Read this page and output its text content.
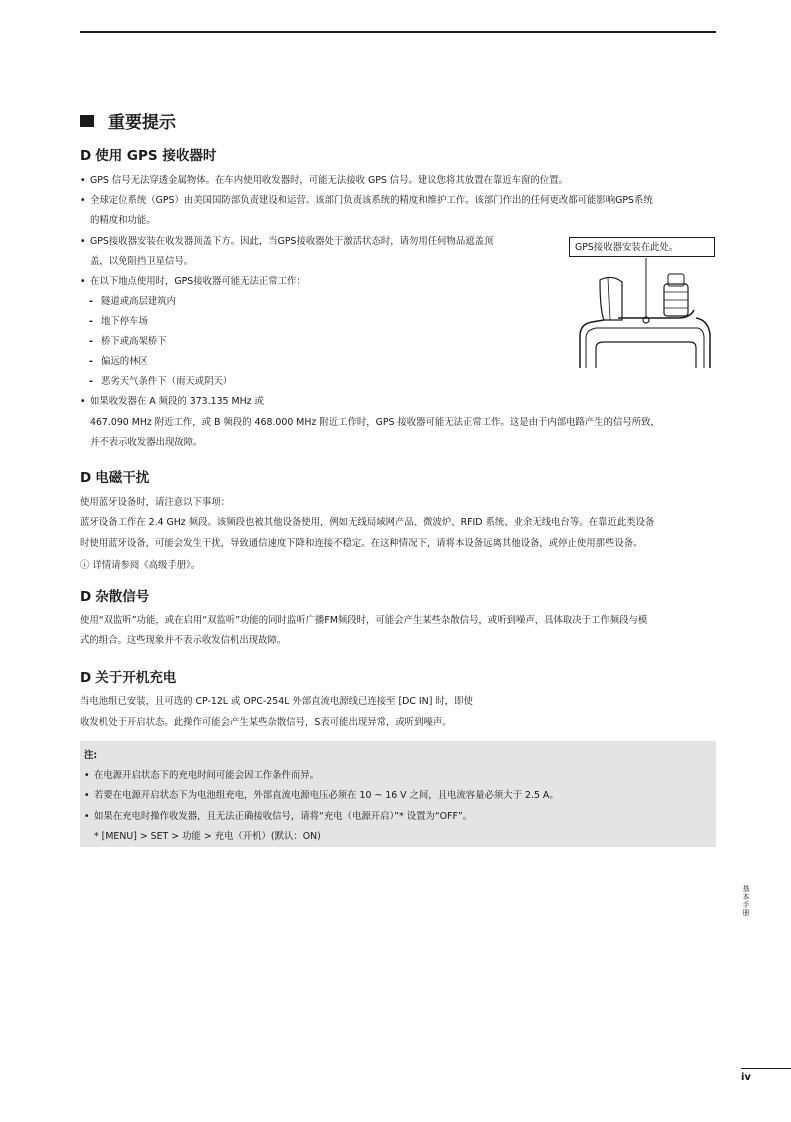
重要提示
D 使用 GPS 接收器时
• GPS 信号无法穿透金属物体。在车内使用收发器时，可能无法接收 GPS 信号。建议您将其放置在靠近车窗的位置。
• 全球定位系统（GPS）由美国国防部负责建设和运营。该部门负责该系统的精度和维护工作。该部门作出的任何更改都可能影响GPS系统
的精度和功能。
• GPS接收器安装在收发器顶盖下方。因此，当GPS接收器处于激活状态时，请勿用任何物品遮盖顶
盖，以免阻挡卫星信号。
GPS接收器安装在此处。
• 在以下地点使用时，GPS接收器可能无法正常工作：
- 隧道或高层建筑内
- 地下停车场
- 桥下或高架桥下
- 偏远的林区
- 恶劣天气条件下（雨天或阴天）
• 如果收发器在 A 频段的 373.135 MHz 或
467.090 MHz 附近工作，或 B 频段的 468.000 MHz 附近工作时，GPS 接收器可能无法正常工作。这是由于内部电路产生的信号所致，
并不表示收发器出现故障。
D 电磁干扰
使用蓝牙设备时，请注意以下事项：
蓝牙设备工作在 2.4 GHz 频段。该频段也被其他设备使用，例如无线局域网产品、微波炉、RFID 系统、业余无线电台等。在靠近此类设备
时使用蓝牙设备，可能会发生干扰，导致通信速度下降和连接不稳定。在这种情况下，请将本设备远离其他设备，或停止使用那些设备。
ⓘ 详情请参阅《高级手册》。
D 杂散信号
使用“双监听”功能，或在启用“双监听”功能的同时监听广播FM频段时，可能会产生某些杂散信号，或听到噪声，具体取决于工作频段与模
式的组合。这些现象并不表示收发信机出现故障。
D 关于开机充电
当电池组已安装，且可选的 CP-12L 或 OPC-254L 外部直流电源线已连接至 [DC IN] 时，即使
收发机处于开启状态。此操作可能会产生某些杂散信号，S表可能出现异常，或听到噪声。
注:
• 在电源开启状态下的充电时间可能会因工作条件而异。
• 若要在电源开启状态下为电池组充电，外部直流电源电压必须在 10 ~ 16 V 之间，且电流容量必须大于 2.5 A。
• 如果在充电时操作收发器，且无法正确接收信号，请将“充电（电源开启）”* 设置为“OFF”。
* [MENU] > SET > 功能 > 充电（开机）(默认：ON)
基本手册
iv
